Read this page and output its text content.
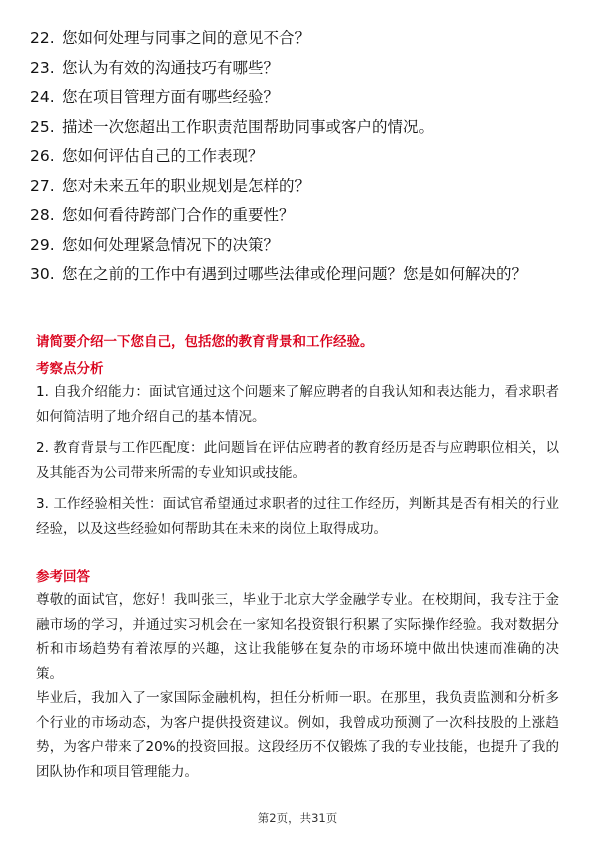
22. 您如何处理与同事之间的意见不合？
23. 您认为有效的沟通技巧有哪些？
24. 您在项目管理方面有哪些经验？
25. 描述一次您超出工作职责范围帮助同事或客户的情况。
26. 您如何评估自己的工作表现？
27. 您对未来五年的职业规划是怎样的？
28. 您如何看待跨部门合作的重要性？
29. 您如何处理紧急情况下的决策？
30. 您在之前的工作中有遇到过哪些法律或伦理问题？您是如何解决的？
请简要介绍一下您自己，包括您的教育背景和工作经验。
考察点分析
1. 自我介绍能力：面试官通过这个问题来了解应聘者的自我认知和表达能力，看求职者如何简洁明了地介绍自己的基本情况。
2. 教育背景与工作匹配度：此问题旨在评估应聘者的教育经历是否与应聘职位相关，以及其能否为公司带来所需的专业知识或技能。
3. 工作经验相关性：面试官希望通过求职者的过往工作经历，判断其是否有相关的行业经验，以及这些经验如何帮助其在未来的岗位上取得成功。
参考回答
尊敬的面试官，您好！我叫张三，毕业于北京大学金融学专业。在校期间，我专注于金融市场的学习，并通过实习机会在一家知名投资银行积累了实际操作经验。我对数据分析和市场趋势有着浓厚的兴趣，这让我能够在复杂的市场环境中做出快速而准确的决策。
毕业后，我加入了一家国际金融机构，担任分析师一职。在那里，我负责监测和分析多个行业的市场动态，为客户提供投资建议。例如，我曾成功预测了一次科技股的上涨趋势，为客户带来了20%的投资回报。这段经历不仅锻炼了我的专业技能，也提升了我的团队协作和项目管理能力。
第2页，共31页
